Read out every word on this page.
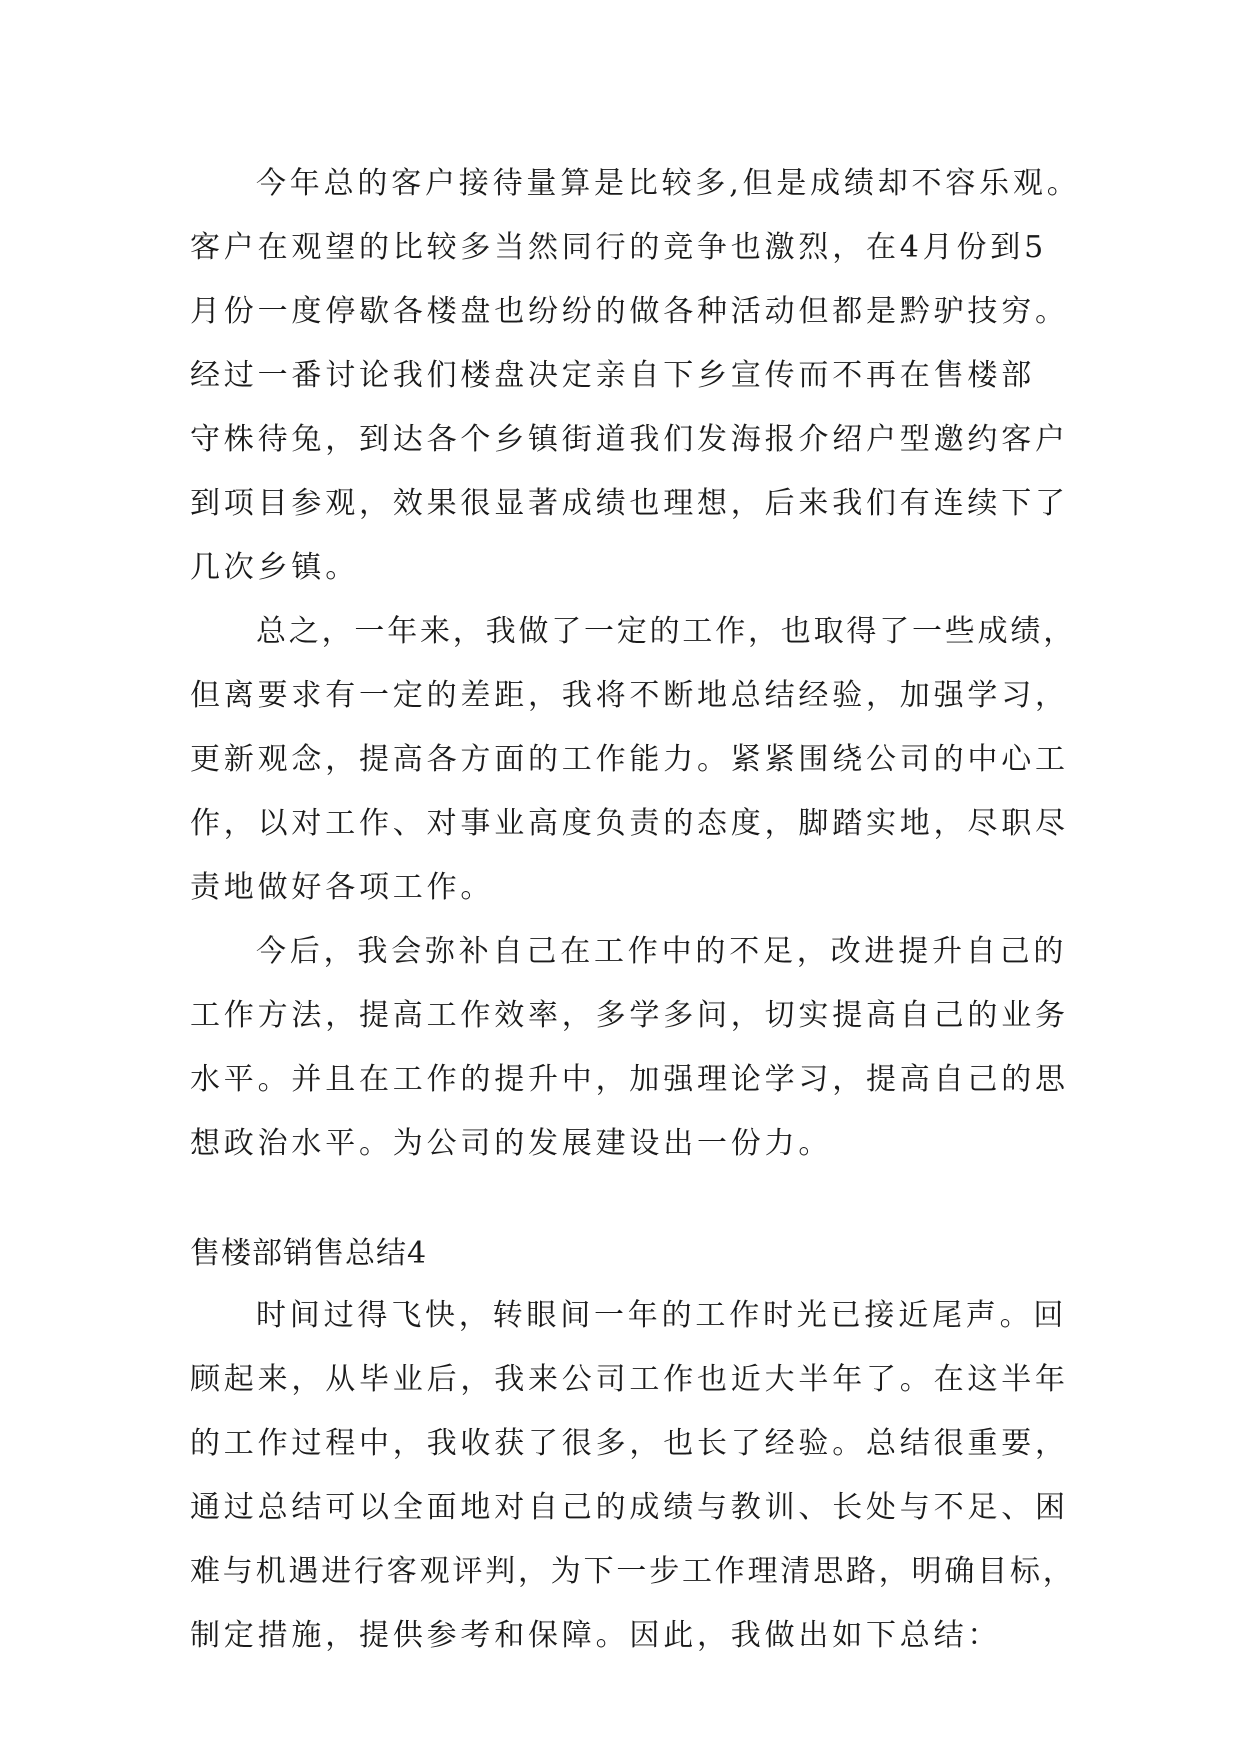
今年总的客户接待量算是比较多,但是成绩却不容乐观。
客户在观望的比较多当然同行的竞争也激烈，在4月份到5
月份一度停歇各楼盘也纷纷的做各种活动但都是黔驴技穷。
经过一番讨论我们楼盘决定亲自下乡宣传而不再在售楼部
守株待兔，到达各个乡镇街道我们发海报介绍户型邀约客户
到项目参观，效果很显著成绩也理想，后来我们有连续下了
几次乡镇。
总之，一年来，我做了一定的工作，也取得了一些成绩，
但离要求有一定的差距，我将不断地总结经验，加强学习，
更新观念，提高各方面的工作能力。紧紧围绕公司的中心工
作，以对工作、对事业高度负责的态度，脚踏实地，尽职尽
责地做好各项工作。
今后，我会弥补自己在工作中的不足，改进提升自己的
工作方法，提高工作效率，多学多问，切实提高自己的业务
水平。并且在工作的提升中，加强理论学习，提高自己的思
想政治水平。为公司的发展建设出一份力。
售楼部销售总结4
时间过得飞快，转眼间一年的工作时光已接近尾声。回
顾起来，从毕业后，我来公司工作也近大半年了。在这半年
的工作过程中，我收获了很多，也长了经验。总结很重要，
通过总结可以全面地对自己的成绩与教训、长处与不足、困
难与机遇进行客观评判，为下一步工作理清思路，明确目标，
制定措施，提供参考和保障。因此，我做出如下总结：
